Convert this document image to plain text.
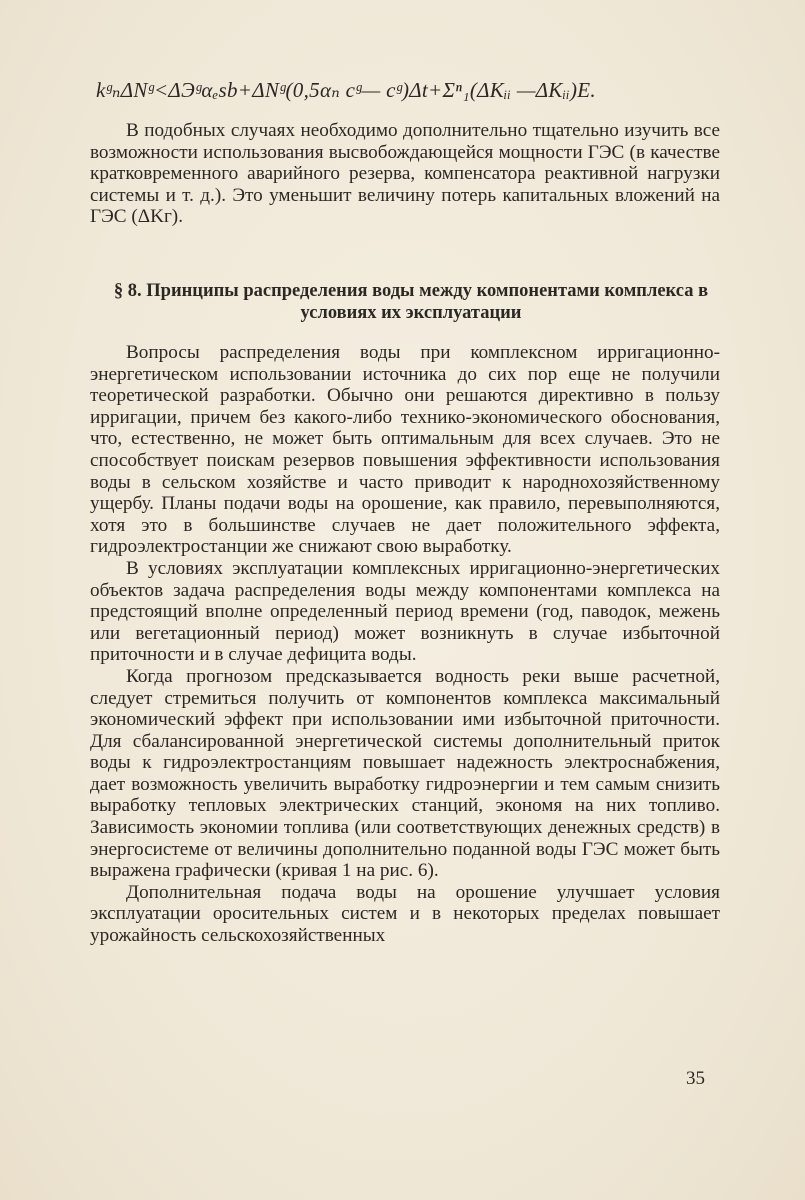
kᵍₙΔNᵍ<ΔЭᵍαₑsb+ΔNᵍ(0,5αₙ cᵍ— cᵍ)Δt+Σⁿ₁(ΔKᵢᵢ —ΔKᵢᵢ)E.

В подобных случаях необходимо дополнительно тщательно изучить все возможности использования высвобождающейся мощности ГЭС (в качестве кратковременного аварийного резерва, компенсатора реактивной нагрузки системы и т. д.). Это уменьшит величину потерь капитальных вложений на ГЭС (ΔKг).

§ 8. Принципы распределения воды между компонентами комплекса в условиях их эксплуатации

Вопросы распределения воды при комплексном ирригационно-энергетическом использовании источника до сих пор еще не получили теоретической разработки. Обычно они решаются директивно в пользу ирригации, причем без какого-либо технико-экономического обоснования, что, естественно, не может быть оптимальным для всех случаев. Это не способствует поискам резервов повышения эффективности использования воды в сельском хозяйстве и часто приводит к народнохозяйственному ущербу. Планы подачи воды на орошение, как правило, перевыполняются, хотя это в большинстве случаев не дает положительного эффекта, гидроэлектростанции же снижают свою выработку.

В условиях эксплуатации комплексных ирригационно-энергетических объектов задача распределения воды между компонентами комплекса на предстоящий вполне определенный период времени (год, паводок, межень или вегетационный период) может возникнуть в случае избыточной приточности и в случае дефицита воды.

Когда прогнозом предсказывается водность реки выше расчетной, следует стремиться получить от компонентов комплекса максимальный экономический эффект при использовании ими избыточной приточности. Для сбалансированной энергетической системы дополнительный приток воды к гидроэлектростанциям повышает надежность электроснабжения, дает возможность увеличить выработку гидроэнергии и тем самым снизить выработку тепловых электрических станций, экономя на них топливо. Зависимость экономии топлива (или соответствующих денежных средств) в энергосистеме от величины дополнительно поданной воды ГЭС может быть выражена графически (кривая 1 на рис. 6).

Дополнительная подача воды на орошение улучшает условия эксплуатации оросительных систем и в некоторых пределах повышает урожайность сельскохозяйственных

35
